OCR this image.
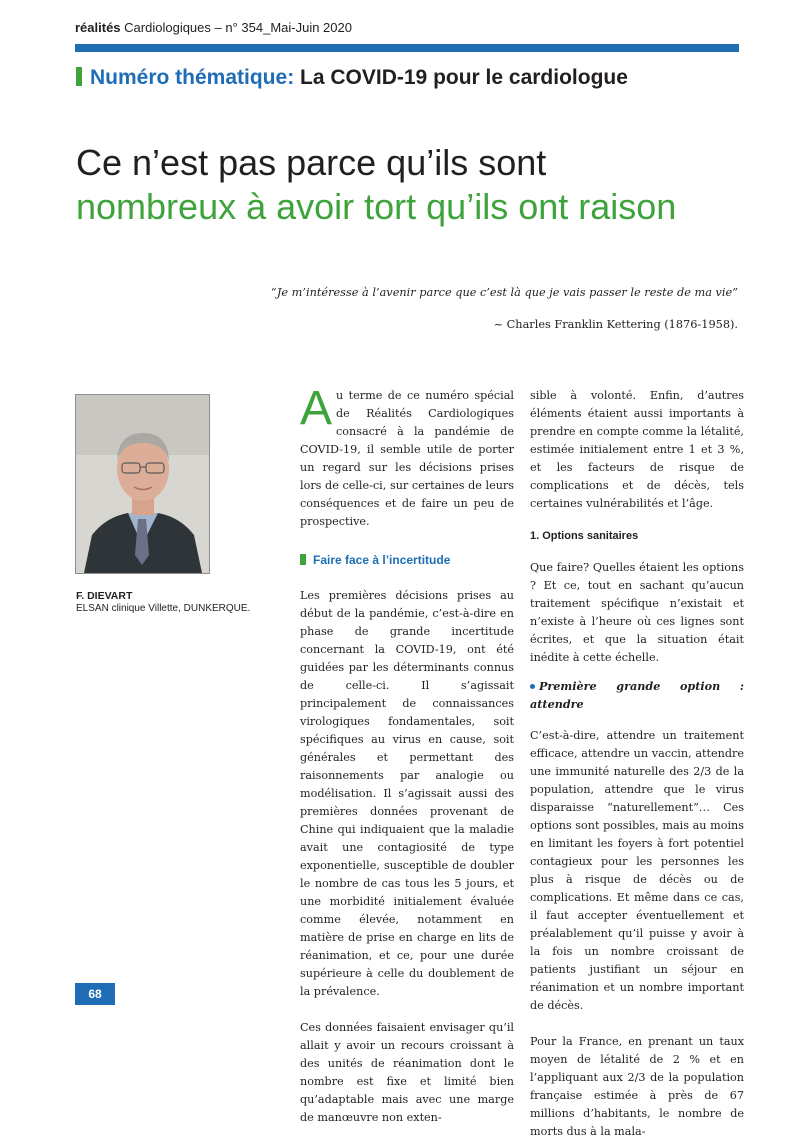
réalités Cardiologiques – n° 354_Mai-Juin 2020
Numéro thématique: La COVID-19 pour le cardiologue
Ce n’est pas parce qu’ils sont
nombreux à avoir tort qu’ils ont raison
“Je m’intéresse à l’avenir parce que c’est là que je vais passer le reste de ma vie”
~ Charles Franklin Kettering (1876-1958).
F. DIEVART
ELSAN clinique Villette, DUNKERQUE.

Au terme de ce numéro spécial de Réalités Cardiologiques consacré à la pandémie de COVID-19, il semble utile de porter un regard sur les décisions prises lors de celle-ci, sur certaines de leurs conséquences et de faire un peu de prospective.

Faire face à l’incertitude

Les premières décisions prises au début de la pandémie, c’est-à-dire en phase de grande incertitude concernant la COVID-19, ont été guidées par les déterminants connus de celle-ci. Il s’agissait principalement de connaissances virologiques fondamentales, soit spécifiques au virus en cause, soit générales et permettant des raisonnements par analogie ou modélisation. Il s’agissait aussi des premières données provenant de Chine qui indiquaient que la maladie avait une contagiosité de type exponentielle, susceptible de doubler le nombre de cas tous les 5 jours, et une morbidité initialement évaluée comme élevée, notamment en matière de prise en charge en lits de réanimation, et ce, pour une durée supérieure à celle du doublement de la prévalence.

Ces données faisaient envisager qu’il allait y avoir un recours croissant à des unités de réanimation dont le nombre est fixe et limité bien qu’adaptable mais avec une marge de manœuvre non exten-

sible à volonté. Enfin, d’autres éléments étaient aussi importants à prendre en compte comme la létalité, estimée initialement entre 1 et 3 %, et les facteurs de risque de complications et de décès, tels certaines vulnérabilités et l’âge.

1. Options sanitaires

Que faire? Quelles étaient les options ? Et ce, tout en sachant qu’aucun traitement spécifique n’existait et n’existe à l’heure où ces lignes sont écrites, et que la situation était inédite à cette échelle.

Première grande option : attendre

C’est-à-dire, attendre un traitement efficace, attendre un vaccin, attendre une immunité naturelle des 2/3 de la population, attendre que le virus disparaisse “naturellement”… Ces options sont possibles, mais au moins en limitant les foyers à fort potentiel contagieux pour les personnes les plus à risque de décès ou de complications. Et même dans ce cas, il faut accepter éventuellement et préalablement qu’il puisse y avoir à la fois un nombre croissant de patients justifiant un séjour en réanimation et un nombre important de décès.

Pour la France, en prenant un taux moyen de létalité de 2 % et en l’appliquant aux 2/3 de la population française estimée à près de 67 millions d’habitants, le nombre de morts dus à la mala-

68
